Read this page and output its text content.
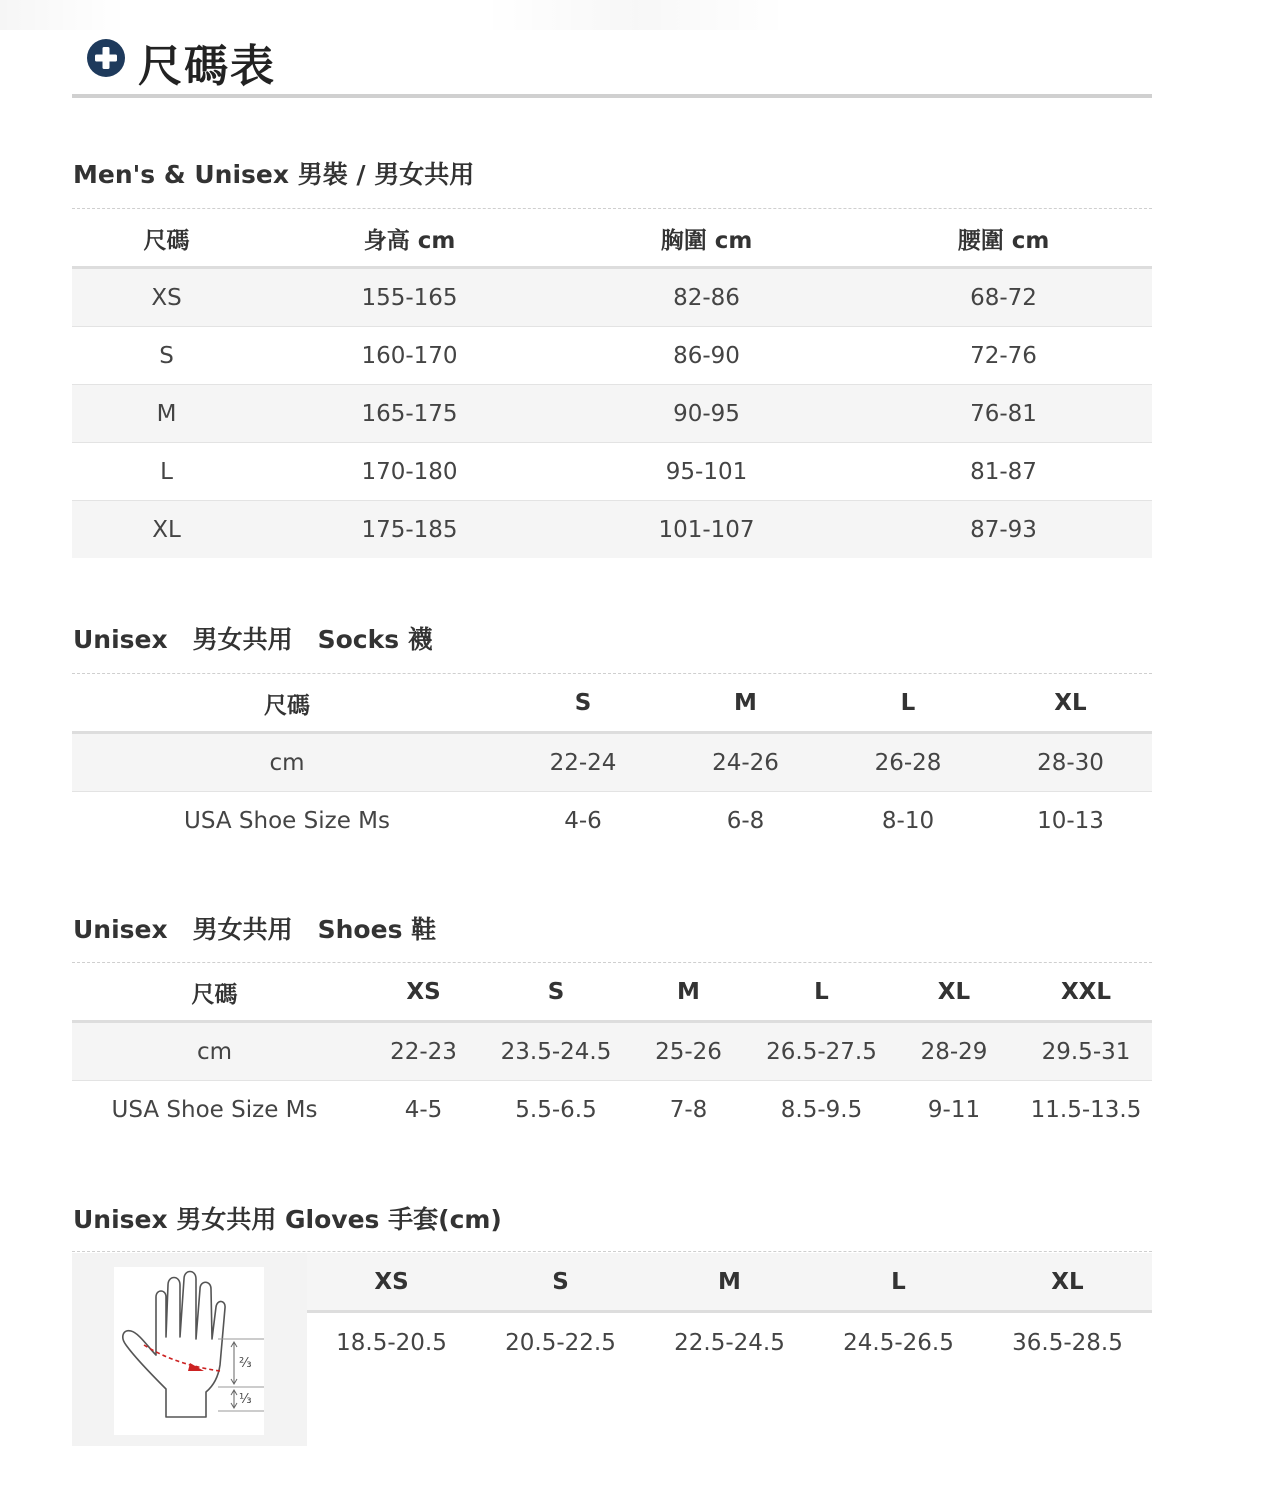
尺碼表
Men's & Unisex 男裝 / 男女共用
尺碼	身高 cm	胸圍 cm	腰圍 cm
XS	155-165	82-86	68-72
S	160-170	86-90	72-76
M	165-175	90-95	76-81
L	170-180	95-101	81-87
XL	175-185	101-107	87-93
Unisex　男女共用　Socks 襪
尺碼	S	M	L	XL
cm	22-24	24-26	26-28	28-30
USA Shoe Size Ms	4-6	6-8	8-10	10-13
Unisex　男女共用　Shoes 鞋
尺碼	XS	S	M	L	XL	XXL
cm	22-23	23.5-24.5	25-26	26.5-27.5	28-29	29.5-31
USA Shoe Size Ms	4-5	5.5-6.5	7-8	8.5-9.5	9-11	11.5-13.5
Unisex 男女共用 Gloves 手套(cm)
⅔
⅓
XS	S	M	L	XL
18.5-20.5	20.5-22.5	22.5-24.5	24.5-26.5	36.5-28.5
